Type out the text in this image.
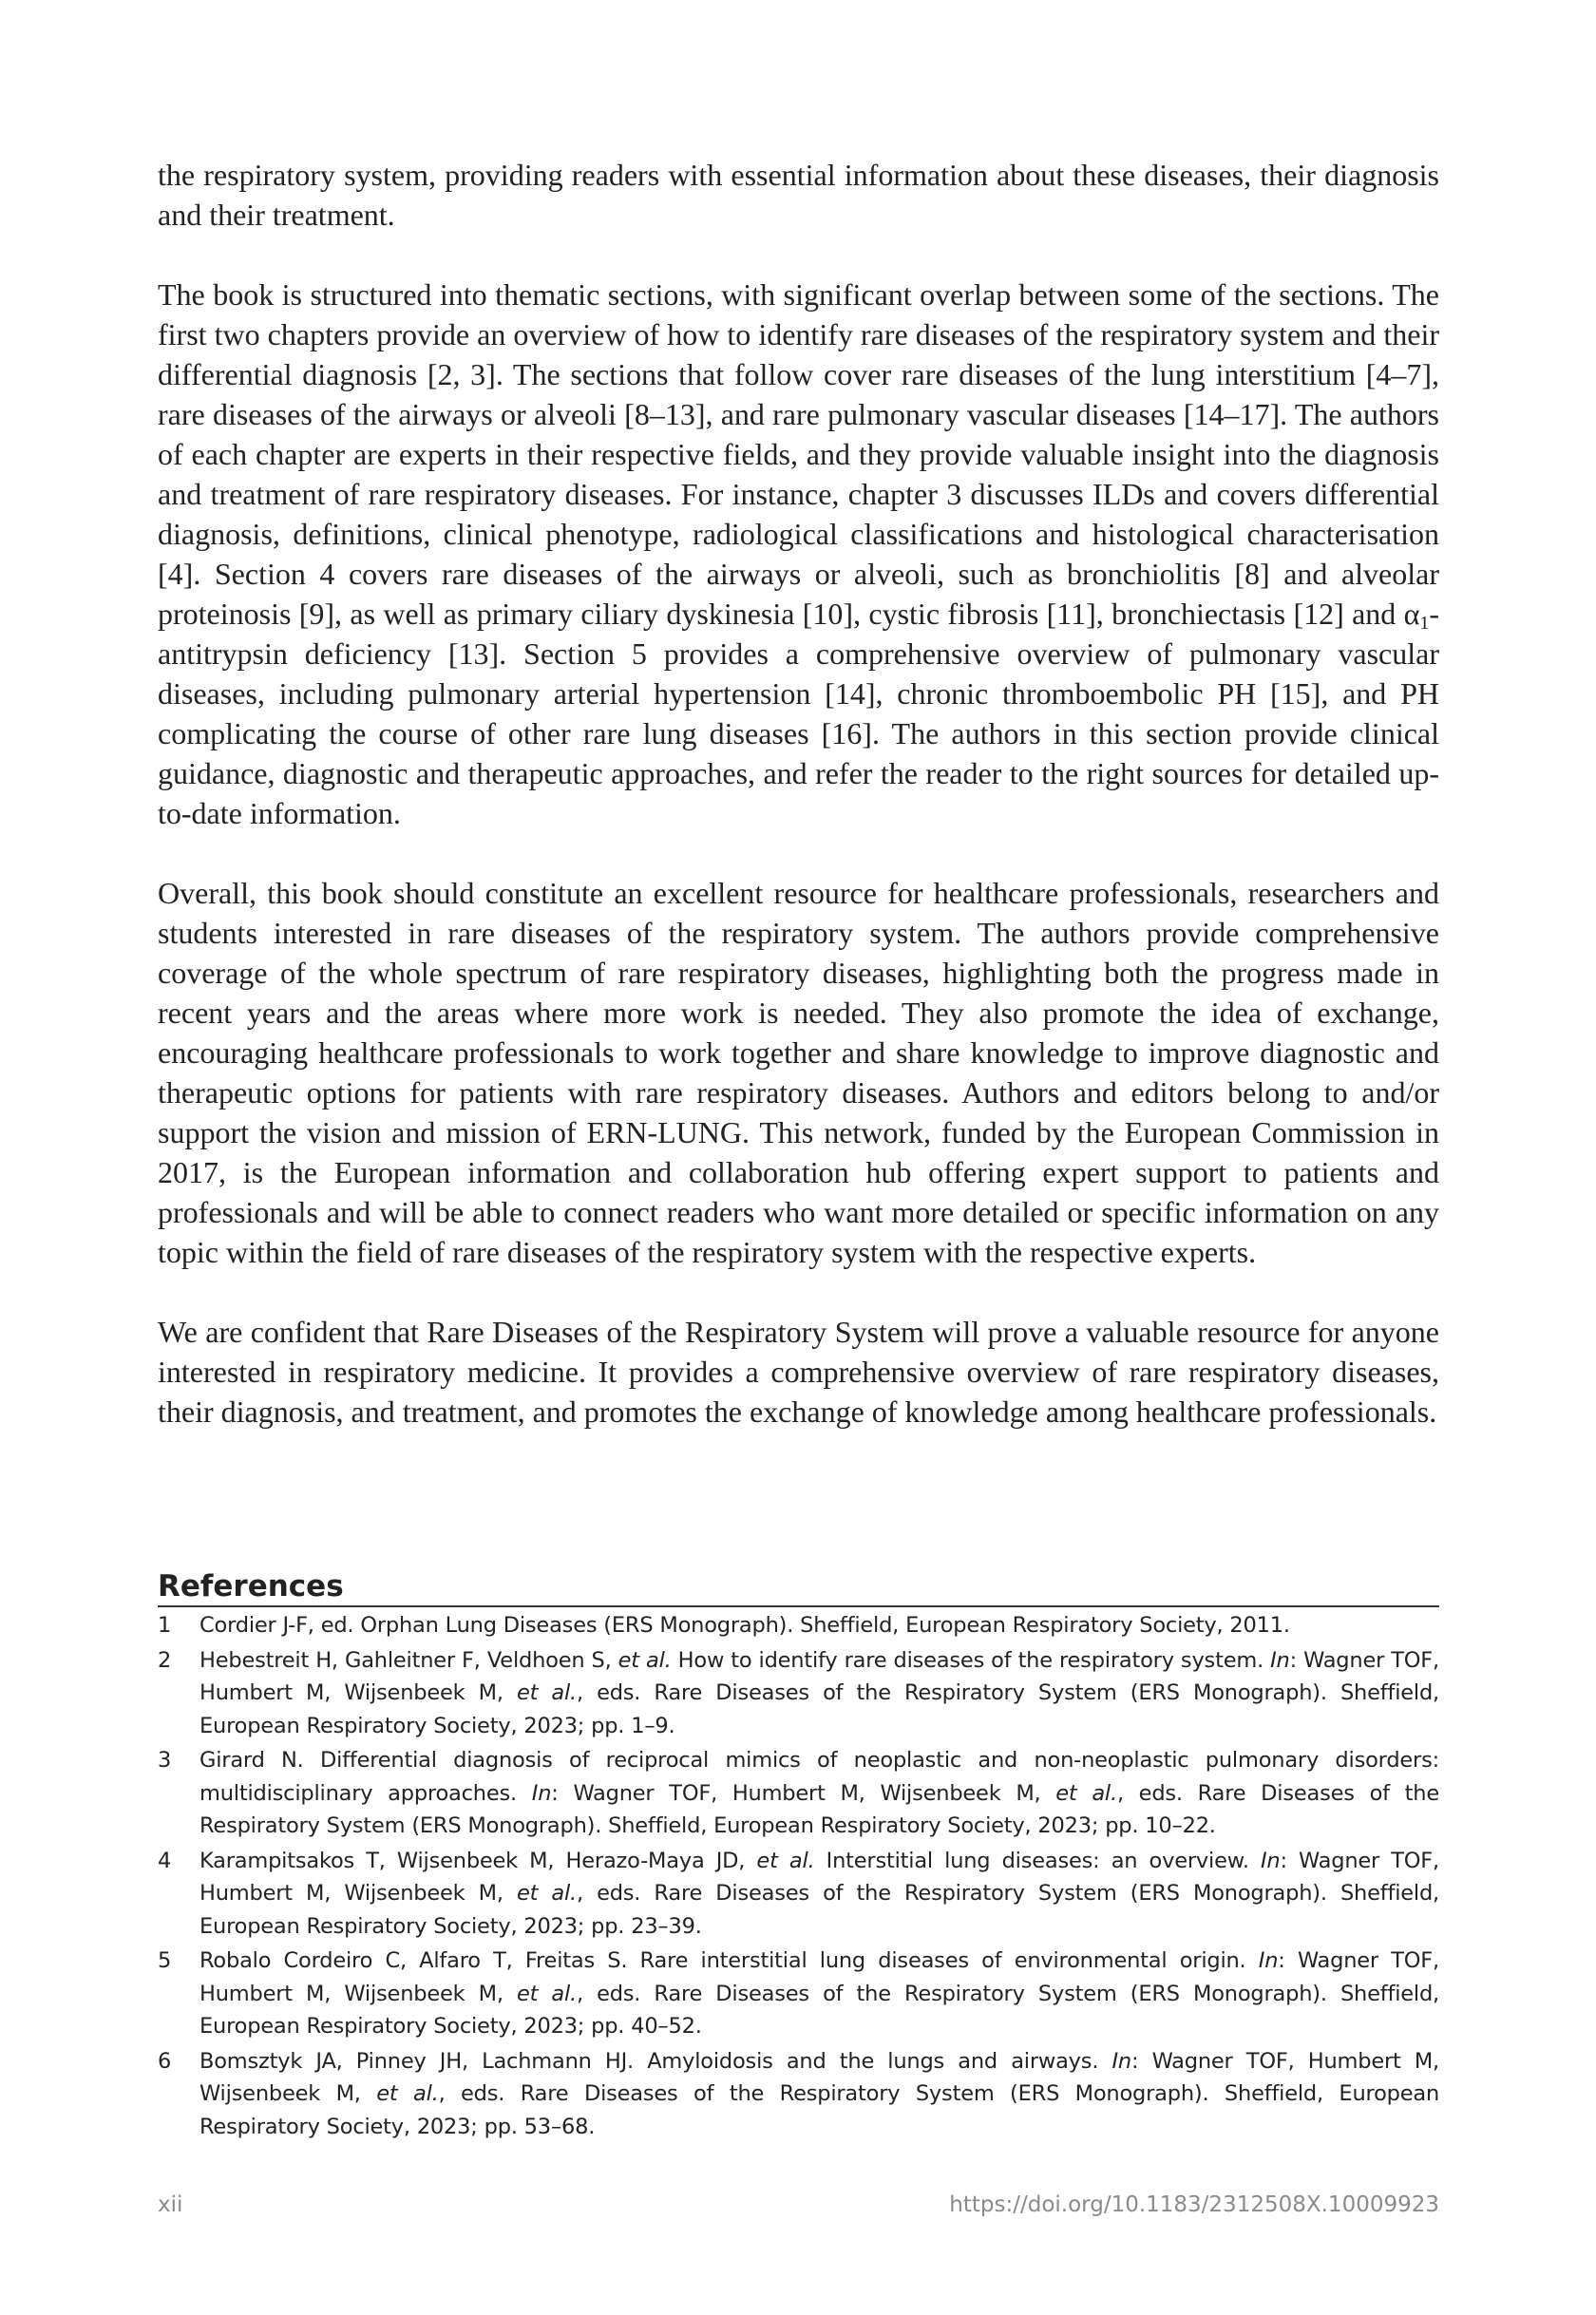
the respiratory system, providing readers with essential information about these diseases, their diagnosis and their treatment.

The book is structured into thematic sections, with significant overlap between some of the sections. The first two chapters provide an overview of how to identify rare diseases of the respiratory system and their differential diagnosis [2, 3]. The sections that follow cover rare diseases of the lung interstitium [4–7], rare diseases of the airways or alveoli [8–13], and rare pulmonary vascular diseases [14–17]. The authors of each chapter are experts in their respective fields, and they provide valuable insight into the diagnosis and treatment of rare respiratory diseases. For instance, chapter 3 discusses ILDs and covers differential diagnosis, definitions, clinical phenotype, radiological classifications and histological characterisation [4]. Section 4 covers rare diseases of the airways or alveoli, such as bronchiolitis [8] and alveolar proteinosis [9], as well as primary ciliary dyskinesia [10], cystic fibrosis [11], bronchiectasis [12] and $\alpha_1$-antitrypsin deficiency [13]. Section 5 provides a comprehensive overview of pulmonary vascular diseases, including pulmonary arterial hypertension [14], chronic thromboembolic PH [15], and PH complicating the course of other rare lung diseases [16]. The authors in this section provide clinical guidance, diagnostic and therapeutic approaches, and refer the reader to the right sources for detailed up-to-date information.

Overall, this book should constitute an excellent resource for healthcare professionals, researchers and students interested in rare diseases of the respiratory system. The authors provide comprehensive coverage of the whole spectrum of rare respiratory diseases, highlighting both the progress made in recent years and the areas where more work is needed. They also promote the idea of exchange, encouraging healthcare professionals to work together and share knowledge to improve diagnostic and therapeutic options for patients with rare respiratory diseases. Authors and editors belong to and/or support the vision and mission of ERN-LUNG. This network, funded by the European Commission in 2017, is the European information and collaboration hub offering expert support to patients and professionals and will be able to connect readers who want more detailed or specific information on any topic within the field of rare diseases of the respiratory system with the respective experts.

We are confident that Rare Diseases of the Respiratory System will prove a valuable resource for anyone interested in respiratory medicine. It provides a comprehensive overview of rare respiratory diseases, their diagnosis, and treatment, and promotes the exchange of knowledge among healthcare professionals.

References
1 Cordier J-F, ed. Orphan Lung Diseases (ERS Monograph). Sheffield, European Respiratory Society, 2011.
2 Hebestreit H, Gahleitner F, Veldhoen S, et al. How to identify rare diseases of the respiratory system. In: Wagner TOF, Humbert M, Wijsenbeek M, et al., eds. Rare Diseases of the Respiratory System (ERS Monograph). Sheffield, European Respiratory Society, 2023; pp. 1–9.
3 Girard N. Differential diagnosis of reciprocal mimics of neoplastic and non-neoplastic pulmonary disorders: multidisciplinary approaches. In: Wagner TOF, Humbert M, Wijsenbeek M, et al., eds. Rare Diseases of the Respiratory System (ERS Monograph). Sheffield, European Respiratory Society, 2023; pp. 10–22.
4 Karampitsakos T, Wijsenbeek M, Herazo-Maya JD, et al. Interstitial lung diseases: an overview. In: Wagner TOF, Humbert M, Wijsenbeek M, et al., eds. Rare Diseases of the Respiratory System (ERS Monograph). Sheffield, European Respiratory Society, 2023; pp. 23–39.
5 Robalo Cordeiro C, Alfaro T, Freitas S. Rare interstitial lung diseases of environmental origin. In: Wagner TOF, Humbert M, Wijsenbeek M, et al., eds. Rare Diseases of the Respiratory System (ERS Monograph). Sheffield, European Respiratory Society, 2023; pp. 40–52.
6 Bomsztyk JA, Pinney JH, Lachmann HJ. Amyloidosis and the lungs and airways. In: Wagner TOF, Humbert M, Wijsenbeek M, et al., eds. Rare Diseases of the Respiratory System (ERS Monograph). Sheffield, European Respiratory Society, 2023; pp. 53–68.
xii	https://doi.org/10.1183/2312508X.10009923
